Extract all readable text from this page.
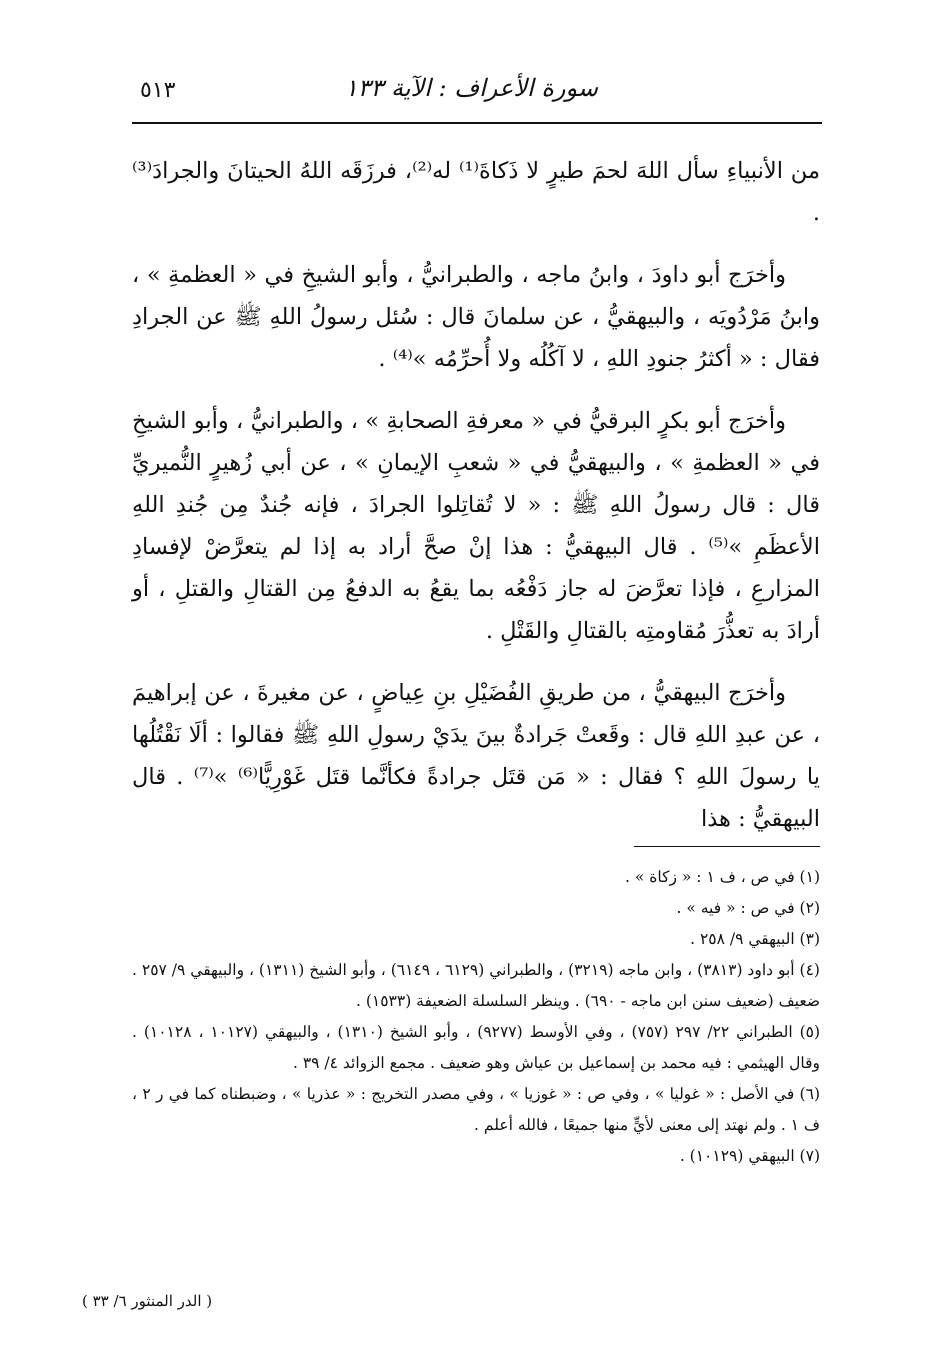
٥١٣	سورة الأعراف : الآية ١٣٣

من الأنبياءِ سأل اللهَ لحمَ طيرٍ لا ذَكاةَ⁽¹⁾ له⁽²⁾، فرزَقَه اللهُ الحيتانَ والجرادَ⁽³⁾ .

وأخرَج أبو داودَ ، وابنُ ماجه ، والطبرانيُّ ، وأبو الشيخِ في « العظمةِ » ، وابنُ مَرْدُويَه ، والبيهقيُّ ، عن سلمانَ قال : سُئل رسولُ اللهِ ﷺ عن الجرادِ فقال : « أكثرُ جنودِ اللهِ ، لا آكُلُه ولا أُحرِّمُه »⁽⁴⁾ .

وأخرَج أبو بكرٍ البرقيُّ في « معرفةِ الصحابةِ » ، والطبرانيُّ ، وأبو الشيخِ في « العظمةِ » ، والبيهقيُّ في « شعبِ الإيمانِ » ، عن أبي زُهيرٍ النُّميريِّ قال : قال رسولُ اللهِ ﷺ : « لا تُقاتِلوا الجرادَ ، فإنه جُندٌ مِن جُندِ اللهِ الأعظَمِ »⁽⁵⁾ . قال البيهقيُّ : هذا إنْ صحَّ أراد به إذا لم يتعرَّضْ لإفسادِ المزارعِ ، فإذا تعرَّضَ له جاز دَفْعُه بما يقعُ به الدفعُ مِن القتالِ والقتلِ ، أو أرادَ به تعذُّرَ مُقاومتِه بالقتالِ والقَتْلِ .

وأخرَج البيهقيُّ ، من طريقِ الفُضَيْلِ بنِ عِياضٍ ، عن مغيرةَ ، عن إبراهيمَ ، عن عبدِ اللهِ قال : وقَعتْ جَرادةٌ بينَ يدَيْ رسولِ اللهِ ﷺ فقالوا : ألَا نَقْتُلُها يا رسولَ اللهِ ؟ فقال : « مَن قتَل جرادةً فكأنَّما قتَل غَوْرِيًّا⁽⁶⁾ »⁽⁷⁾ . قال البيهقيُّ : هذا

(١) في ص ، ف ١ : « زكاة » .

(٢) في ص : « فيه » .

(٣) البيهقي ٩/ ٢٥٨ .

(٤) أبو داود (٣٨١٣) ، وابن ماجه (٣٢١٩) ، والطبراني (٦١٢٩ ، ٦١٤٩) ، وأبو الشيخ (١٣١١) ، والبيهقي ٩/ ٢٥٧ . ضعيف (ضعيف سنن ابن ماجه - ٦٩٠) . وينظر السلسلة الضعيفة (١٥٣٣) .

(٥) الطبراني ٢٢/ ٢٩٧ (٧٥٧) ، وفي الأوسط (٩٢٧٧) ، وأبو الشيخ (١٣١٠) ، والبيهقي (١٠١٢٧ ، ١٠١٢٨) . وقال الهيثمي : فيه محمد بن إسماعيل بن عياش وهو ضعيف . مجمع الزوائد ٤/ ٣٩ .

(٦) في الأصل : « غوليا » ، وفي ص : « غوزيا » ، وفي مصدر التخريج : « عذريا » ، وضبطناه كما في ر ٢ ، ف ١ . ولم نهتد إلى معنى لأيٍّ منها جميعًا ، فالله أعلم .

(٧) البيهقي (١٠١٢٩) .

( الدر المنثور ٦/ ٣٣ )
